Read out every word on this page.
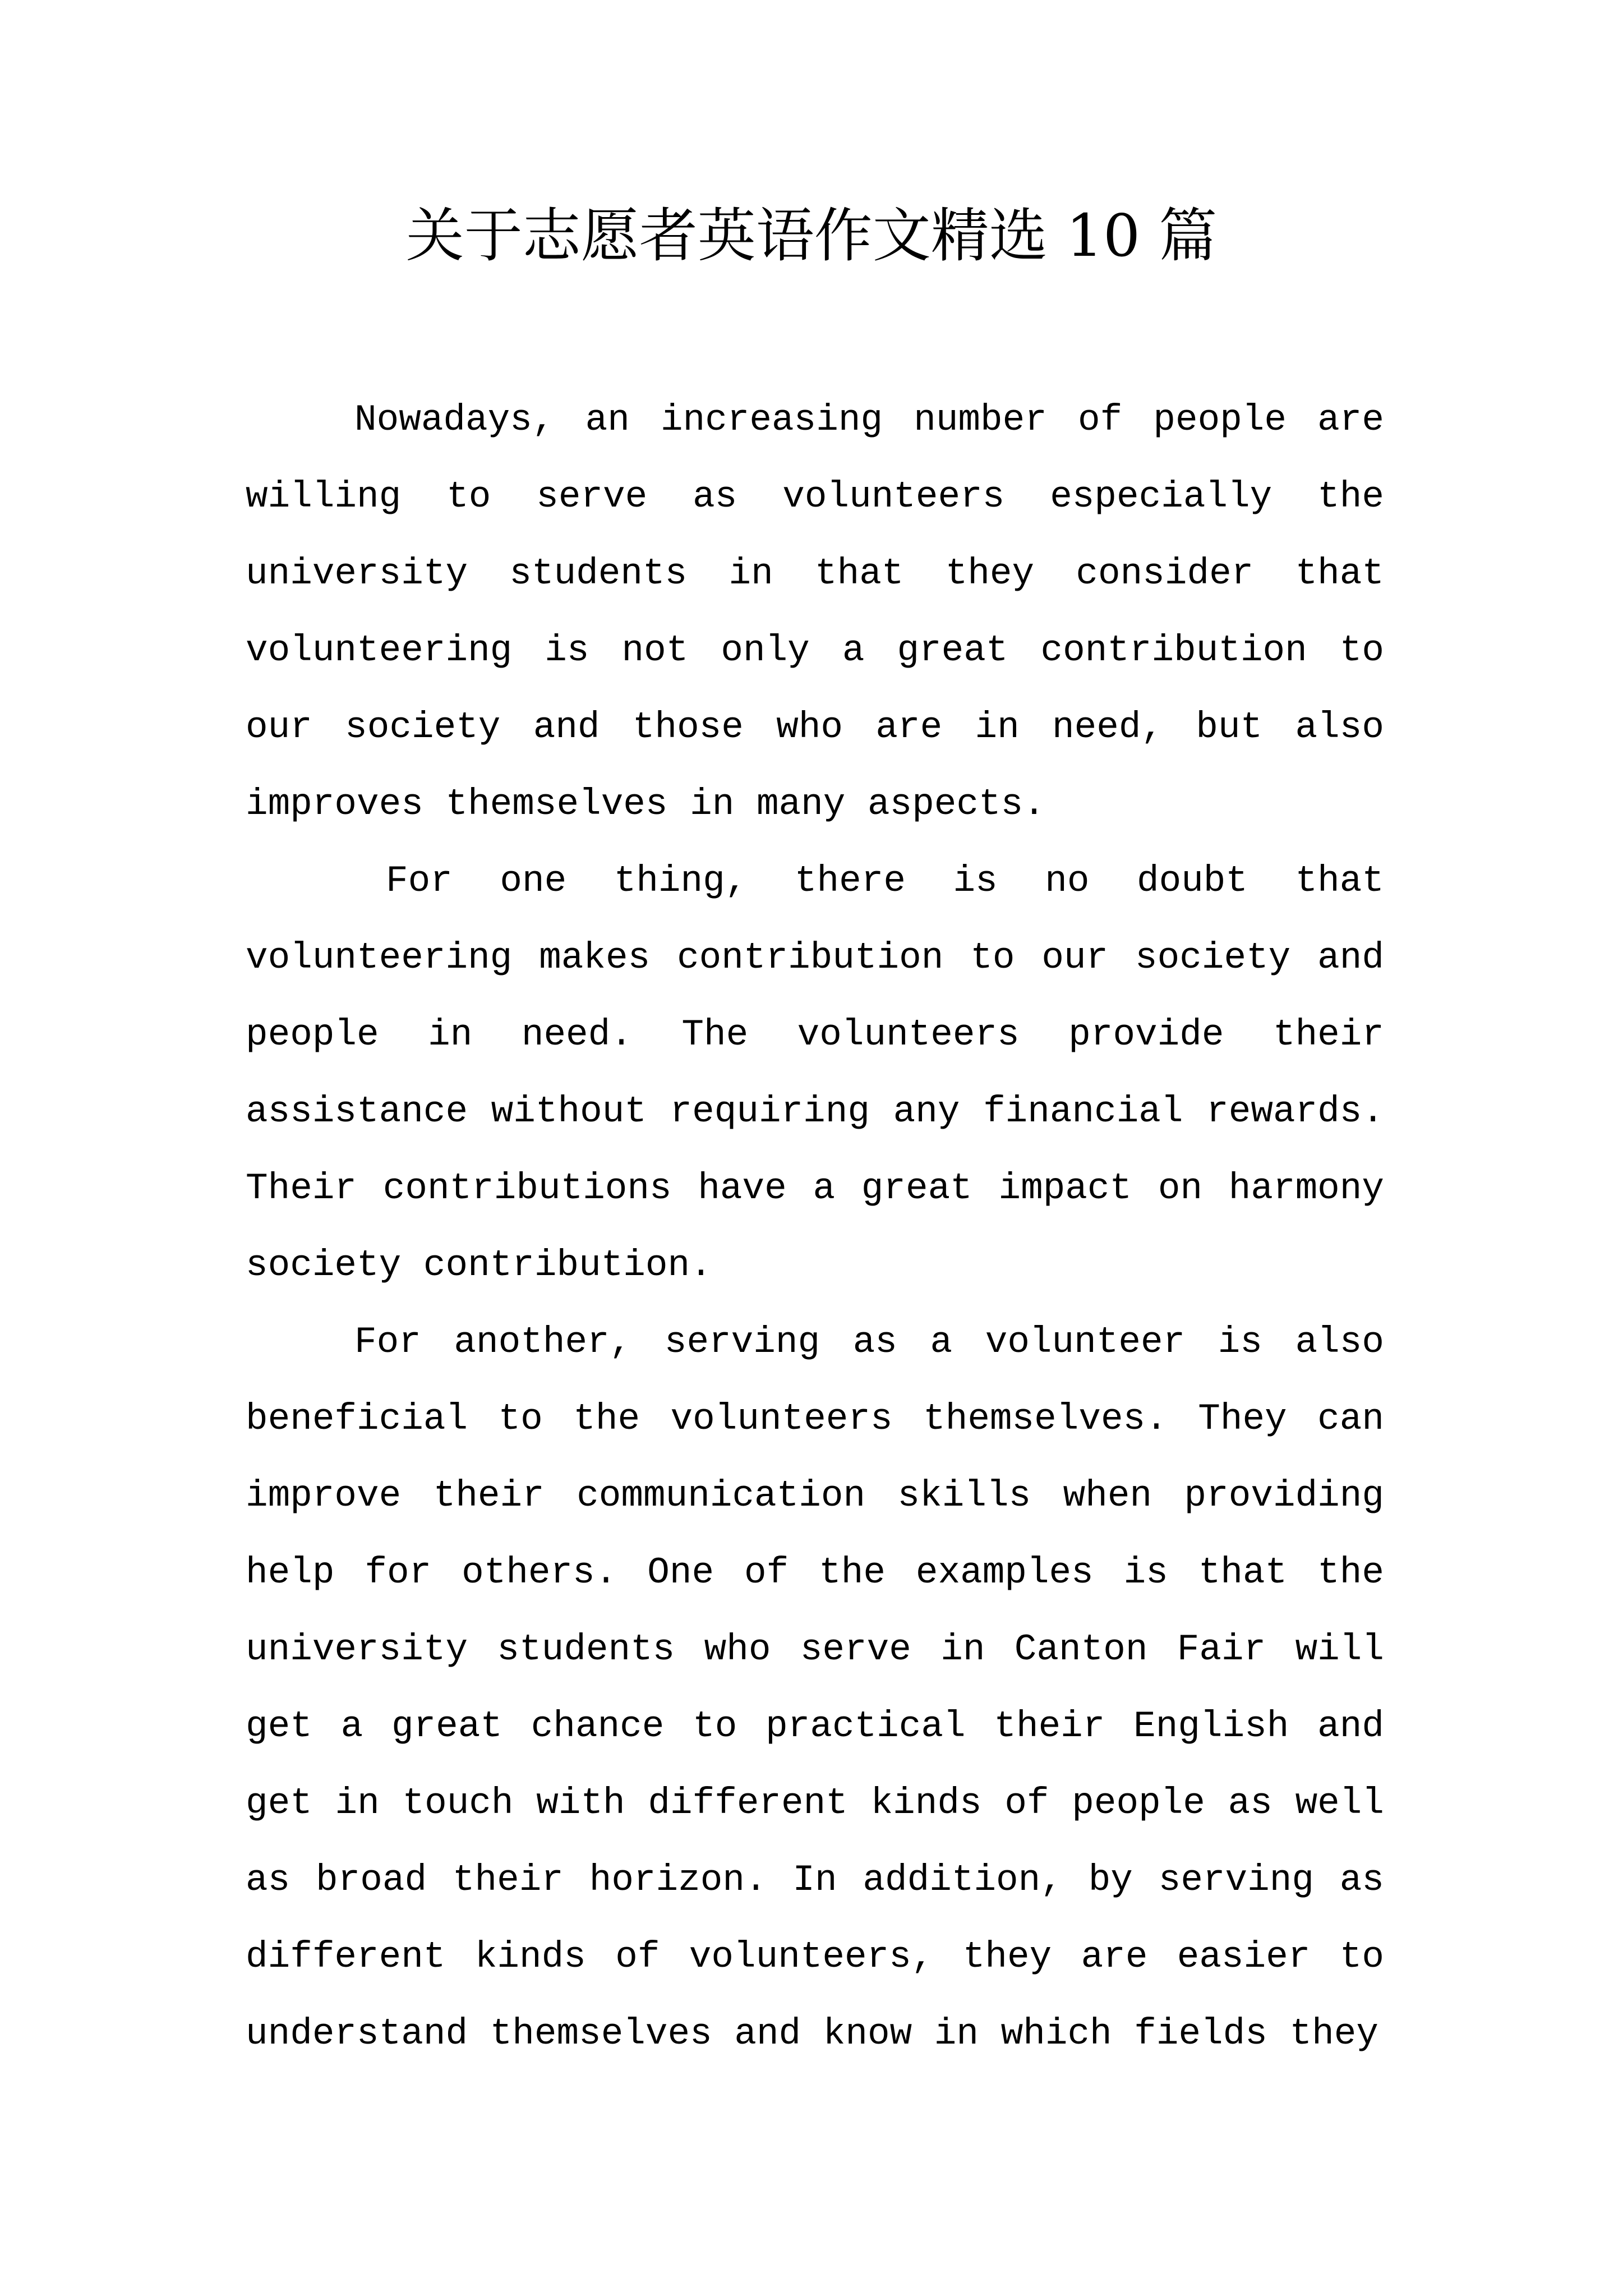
关于志愿者英语作文精选 10 篇

Nowadays, an increasing number of people are willing to serve as volunteers especially the university students in that they consider that volunteering is not only a great contribution to our society and those who are in need, but also improves themselves in many aspects.

For one thing, there is no doubt that volunteering makes contribution to our society and people in need. The volunteers provide their assistance without requiring any financial rewards. Their contributions have a great impact on harmony society contribution.

For another, serving as a volunteer is also beneficial to the volunteers themselves. They can improve their communication skills when providing help for others. One of the examples is that the university students who serve in Canton Fair will get a great chance to practical their English and get in touch with different kinds of people as well as broad their horizon. In addition, by serving as different kinds of volunteers, they are easier to understand themselves and know in which fields they
